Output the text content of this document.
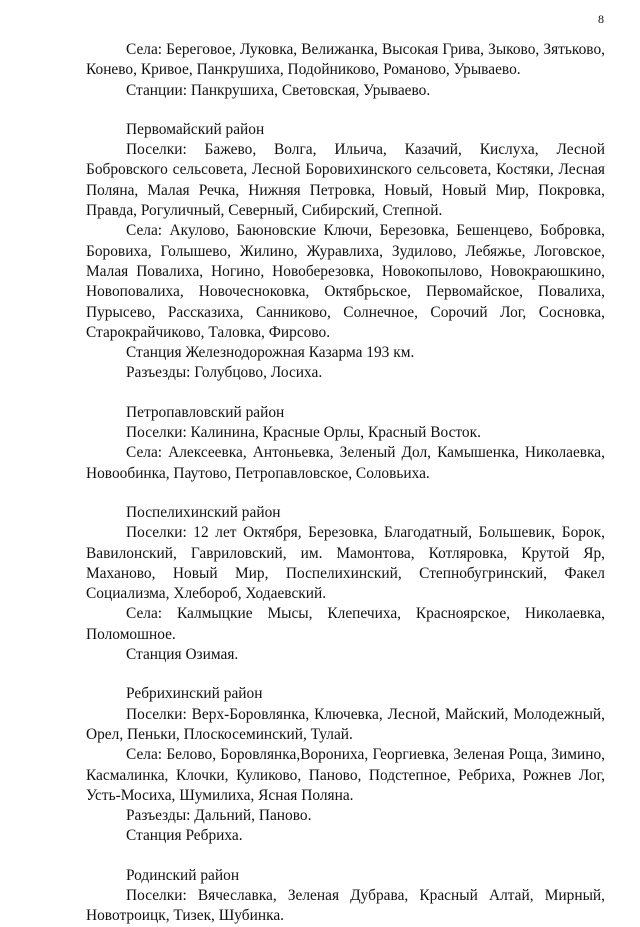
8

Села: Береговое, Луковка, Велижанка, Высокая Грива, Зыково, Зятьково, Конево, Кривое, Панкрушиха, Подойниково, Романово, Урываево.

Станции: Панкрушиха, Световская, Урываево.

Первомайский район

Поселки: Бажево, Волга, Ильича, Казачий, Кислуха, Лесной Бобровского сельсовета, Лесной Боровихинского сельсовета, Костяки, Лесная Поляна, Малая Речка, Нижняя Петровка, Новый, Новый Мир, Покровка, Правда, Рогуличный, Северный, Сибирский, Степной.

Села: Акулово, Баюновские Ключи, Березовка, Бешенцево, Бобровка, Боровиха, Голышево, Жилино, Журавлиха, Зудилово, Лебяжье, Логовское, Малая Повалиха, Ногино, Новоберезовка, Новокопылово, Новокраюшкино, Новоповалиха, Новочесноковка, Октябрьское, Первомайское, Повалиха, Пурысево, Рассказиха, Санниково, Солнечное, Сорочий Лог, Сосновка, Старокрайчиково, Таловка, Фирсово.

Станция Железнодорожная Казарма 193 км.

Разъезды: Голубцово, Лосиха.

Петропавловский район

Поселки: Калинина, Красные Орлы, Красный Восток.

Села: Алексеевка, Антоньевка, Зеленый Дол, Камышенка, Николаевка, Новообинка, Паутово, Петропавловское, Соловьиха.

Поспелихинский район

Поселки: 12 лет Октября, Березовка, Благодатный, Большевик, Борок, Вавилонский, Гавриловский, им. Мамонтова, Котляровка, Крутой Яр, Маханово, Новый Мир, Поспелихинский, Степнобугринский, Факел Социализма, Хлебороб, Ходаевский.

Села: Калмыцкие Мысы, Клепечиха, Красноярское, Николаевка, Поломошное.

Станция Озимая.

Ребрихинский район

Поселки: Верх-Боровлянка, Ключевка, Лесной, Майский, Молодежный, Орел, Пеньки, Плоскосеминский, Тулай.

Села: Белово, Боровлянка,Ворониха, Георгиевка, Зеленая Роща, Зимино, Касмалинка, Клочки, Куликово, Паново, Подстепное, Ребриха, Рожнев Лог, Усть-Мосиха, Шумилиха, Ясная Поляна.

Разъезды: Дальний, Паново.

Станция Ребриха.

Родинский район

Поселки: Вячеславка, Зеленая Дубрава, Красный Алтай, Мирный, Новотроицк, Тизек, Шубинка.
